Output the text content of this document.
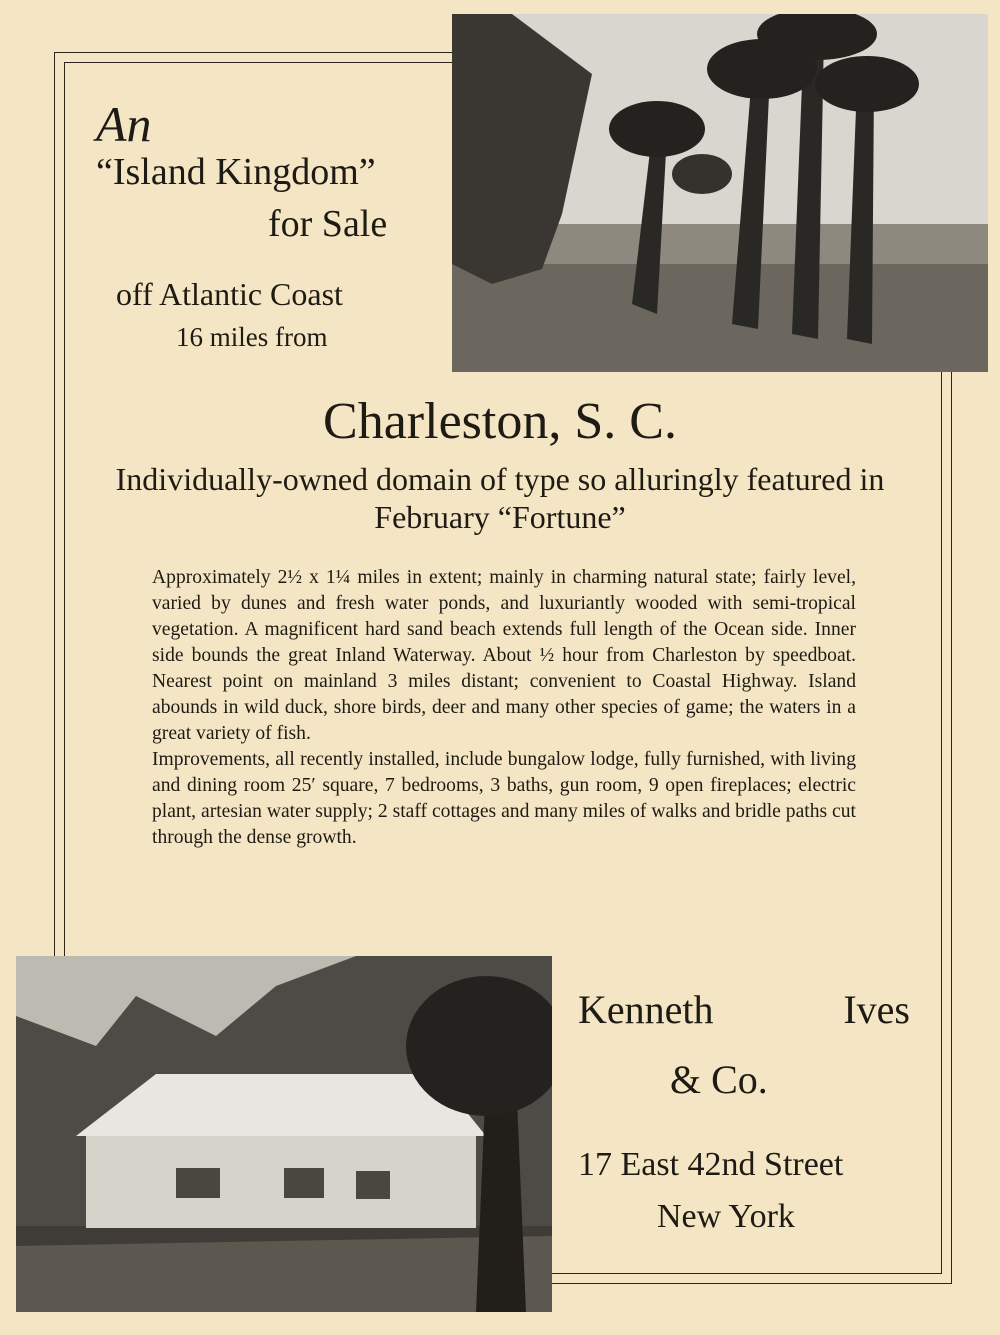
An
“Island Kingdom”
for Sale
off Atlantic Coast
16 miles from
Charleston, S. C.
Individually-owned domain of type so alluringly featured in February “Fortune”

Approximately 2½ x 1¼ miles in extent; mainly in charming natural state; fairly level, varied by dunes and fresh water ponds, and luxuriantly wooded with semi-tropical vegetation. A magnificent hard sand beach extends full length of the Ocean side. Inner side bounds the great Inland Waterway. About ½ hour from Charleston by speedboat. Nearest point on mainland 3 miles distant; convenient to Coastal Highway. Island abounds in wild duck, shore birds, deer and many other species of game; the waters in a great variety of fish.

Improvements, all recently installed, include bungalow lodge, fully furnished, with living and dining room 25′ square, 7 bedrooms, 3 baths, gun room, 9 open fireplaces; electric plant, artesian water supply; 2 staff cottages and many miles of walks and bridle paths cut through the dense growth.

Kenneth Ives
& Co.
17 East 42nd Street
New York
